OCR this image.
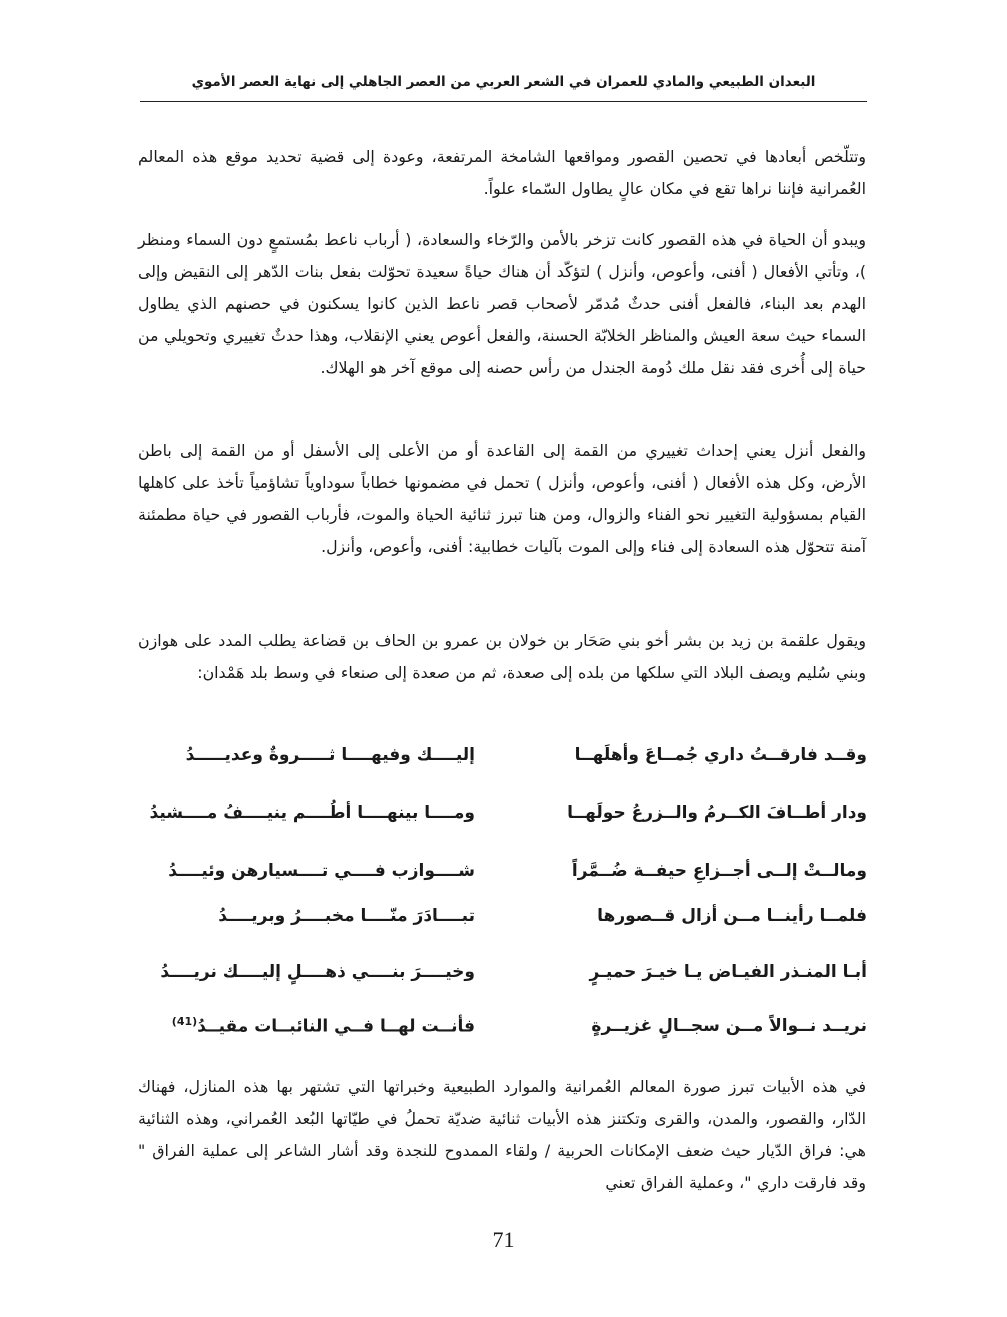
البعدان الطبيعي والمادي للعمران في الشعر العربي من العصر الجاهلي إلى نهاية العصر الأموي

وتتلّخص أبعادها في تحصين القصور ومواقعها الشامخة المرتفعة، وعودة إلى قضية تحديد موقع هذه المعالم العُمرانية فإننا نراها تقع في مكان عالٍ يطاول السّماء علواً.

ويبدو أن الحياة في هذه القصور كانت تزخر بالأمن والرّخاء والسعادة، ( أرباب ناعط بمُستمعٍ دون السماء ومنظر )، وتأتي الأفعال ( أفنى، وأعوص، وأنزل ) لتؤكّد أن هناك حياةً سعيدة تحوّلت بفعل بنات الدّهر إلى النقيض وإلى الهدم بعد البناء، فالفعل أفنى حدثٌ مُدمّر لأصحاب قصر ناعط الذين كانوا يسكنون في حصنهم الذي يطاول السماء حيث سعة العيش والمناظر الخلابّة الحسنة، والفعل أعوص يعني الإنقلاب، وهذا حدثٌ تغييري وتحويلي من حياة إلى أُخرى فقد نقل ملك دُومة الجندل من رأس حصنه إلى موقع آخر هو الهلاك.

والفعل أنزل يعني إحداث تغييري من القمة إلى القاعدة أو من الأعلى إلى الأسفل أو من القمة إلى باطن الأرض، وكل هذه الأفعال ( أفنى، وأعوص، وأنزل ) تحمل في مضمونها خطاباً سوداوياً تشاؤمياً تأخذ على كاهلها القيام بمسؤولية التغيير نحو الفناء والزوال، ومن هنا تبرز ثنائية الحياة والموت، فأرباب القصور في حياة مطمئنة آمنة تتحوّل هذه السعادة إلى فناء وإلى الموت بآليات خطابية: أفنى، وأعوص، وأنزل.

ويقول علقمة بن زيد بن بشر أخو بني صَحَار بن خولان بن عمرو بن الحاف بن قضاعة يطلب المدد على هوازن وبني سُليم ويصف البلاد التي سلكها من بلده إلى صعدة، ثم من صعدة إلى صنعاء في وسط بلد هَمْدان:

وقــد فارقــتُ داري جُمــاعَ وأهلَهــا
إليــــك وفيهــــا ثـــــروةٌ وعديـــــدُ
ودار أطــافَ الكــرمُ والــزرعُ حولَهــا
ومــــا بينهــــا أطُــــم ينيــــفُ مــــشيدُ
ومالــتْ إلــى أجــزاعِ حيفــة ضُــمَّراً
شــــوازب فــــي تــــسيارهن وئيــــدُ
فلمــا رأينــا مــن أزال قــصورها
تبــــادَرَ منّــــا مخبــــرُ وبريــــدُ
أبـا المنـذر الفيـاض يـا خيـرَ حميـرٍ
وخيــــرَ بنــــي ذهــــلٍ إليــــك نريــــدُ
نريــد نــوالاً مــن سجــالٍ غزيــرةٍ
فأنــت لهــا فــي النائبــات مقيــدُ$^{(41)}$

في هذه الأبيات تبرز صورة المعالم العُمرانية والموارد الطبيعية وخبراتها التي تشتهر بها هذه المنازل، فهناك الدّار، والقصور، والمدن، والقرى وتكتنز هذه الأبيات ثنائية ضديّة تحملُ في طيّاتها البُعد العُمراني، وهذه الثنائية هي: فراق الدّيار حيث ضعف الإمكانات الحربية / ولقاء الممدوح للنجدة وقد أشار الشاعر إلى عملية الفراق " وقد فارقت داري "، وعملية الفراق تعني

71
